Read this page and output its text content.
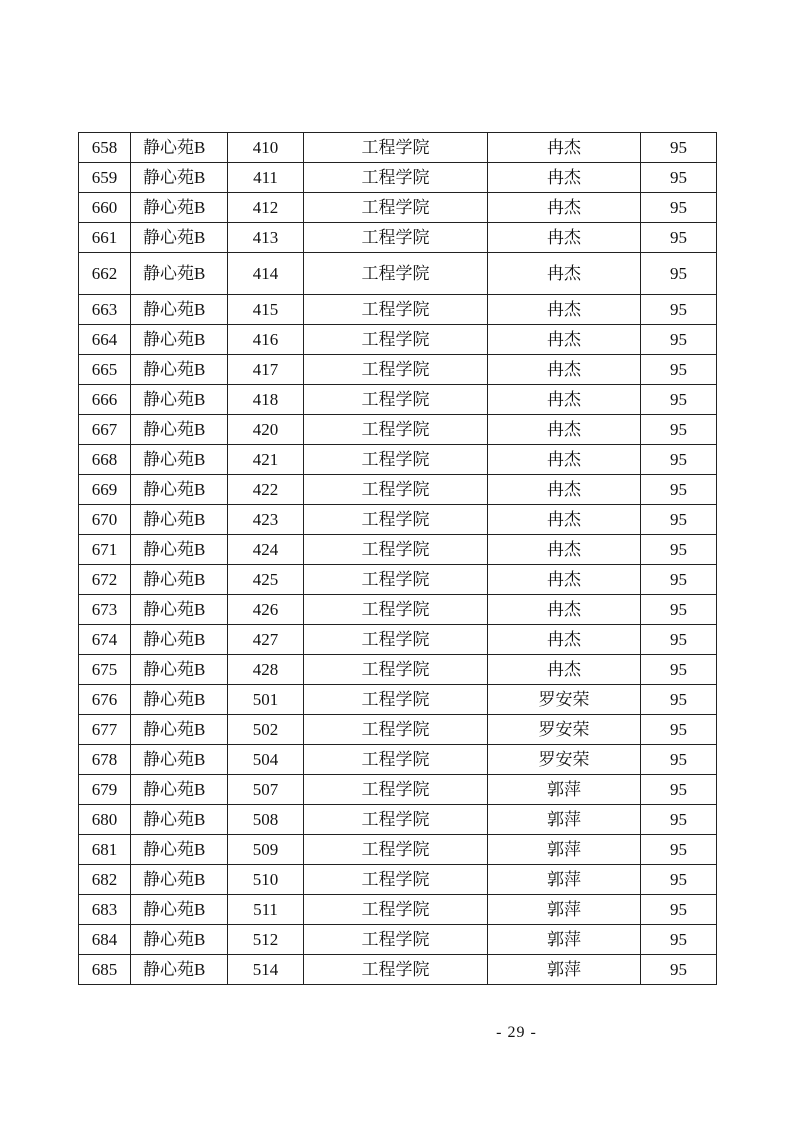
658	静心苑B	410	工程学院	冉杰	95
659	静心苑B	411	工程学院	冉杰	95
660	静心苑B	412	工程学院	冉杰	95
661	静心苑B	413	工程学院	冉杰	95
662	静心苑B	414	工程学院	冉杰	95
663	静心苑B	415	工程学院	冉杰	95
664	静心苑B	416	工程学院	冉杰	95
665	静心苑B	417	工程学院	冉杰	95
666	静心苑B	418	工程学院	冉杰	95
667	静心苑B	420	工程学院	冉杰	95
668	静心苑B	421	工程学院	冉杰	95
669	静心苑B	422	工程学院	冉杰	95
670	静心苑B	423	工程学院	冉杰	95
671	静心苑B	424	工程学院	冉杰	95
672	静心苑B	425	工程学院	冉杰	95
673	静心苑B	426	工程学院	冉杰	95
674	静心苑B	427	工程学院	冉杰	95
675	静心苑B	428	工程学院	冉杰	95
676	静心苑B	501	工程学院	罗安荣	95
677	静心苑B	502	工程学院	罗安荣	95
678	静心苑B	504	工程学院	罗安荣	95
679	静心苑B	507	工程学院	郭萍	95
680	静心苑B	508	工程学院	郭萍	95
681	静心苑B	509	工程学院	郭萍	95
682	静心苑B	510	工程学院	郭萍	95
683	静心苑B	511	工程学院	郭萍	95
684	静心苑B	512	工程学院	郭萍	95
685	静心苑B	514	工程学院	郭萍	95
- 29 -
